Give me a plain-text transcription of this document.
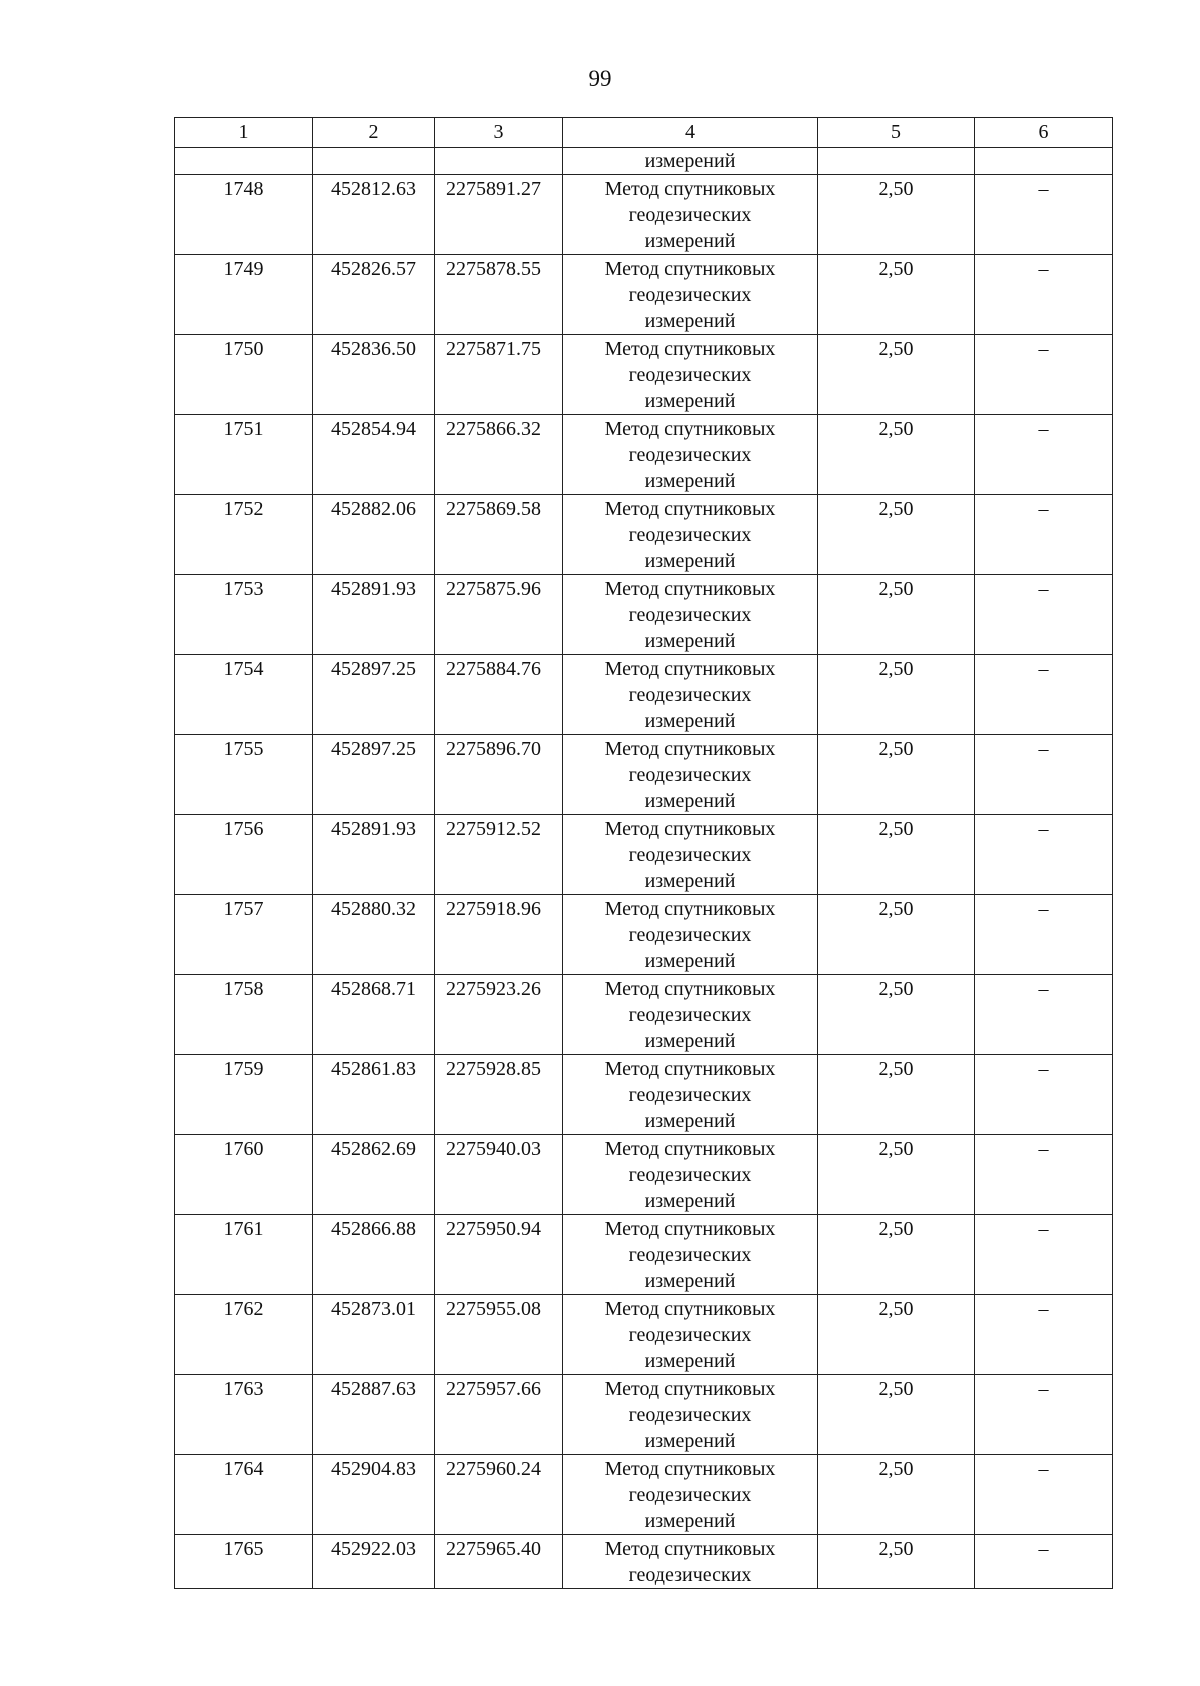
99
1	2	3	4	5	6
			измерений		
1748	452812.63	2275891.27	Метод спутниковых
геодезических
измерений	2,50	–
1749	452826.57	2275878.55	Метод спутниковых
геодезических
измерений	2,50	–
1750	452836.50	2275871.75	Метод спутниковых
геодезических
измерений	2,50	–
1751	452854.94	2275866.32	Метод спутниковых
геодезических
измерений	2,50	–
1752	452882.06	2275869.58	Метод спутниковых
геодезических
измерений	2,50	–
1753	452891.93	2275875.96	Метод спутниковых
геодезических
измерений	2,50	–
1754	452897.25	2275884.76	Метод спутниковых
геодезических
измерений	2,50	–
1755	452897.25	2275896.70	Метод спутниковых
геодезических
измерений	2,50	–
1756	452891.93	2275912.52	Метод спутниковых
геодезических
измерений	2,50	–
1757	452880.32	2275918.96	Метод спутниковых
геодезических
измерений	2,50	–
1758	452868.71	2275923.26	Метод спутниковых
геодезических
измерений	2,50	–
1759	452861.83	2275928.85	Метод спутниковых
геодезических
измерений	2,50	–
1760	452862.69	2275940.03	Метод спутниковых
геодезических
измерений	2,50	–
1761	452866.88	2275950.94	Метод спутниковых
геодезических
измерений	2,50	–
1762	452873.01	2275955.08	Метод спутниковых
геодезических
измерений	2,50	–
1763	452887.63	2275957.66	Метод спутниковых
геодезических
измерений	2,50	–
1764	452904.83	2275960.24	Метод спутниковых
геодезических
измерений	2,50	–
1765	452922.03	2275965.40	Метод спутниковых
геодезических	2,50	–
